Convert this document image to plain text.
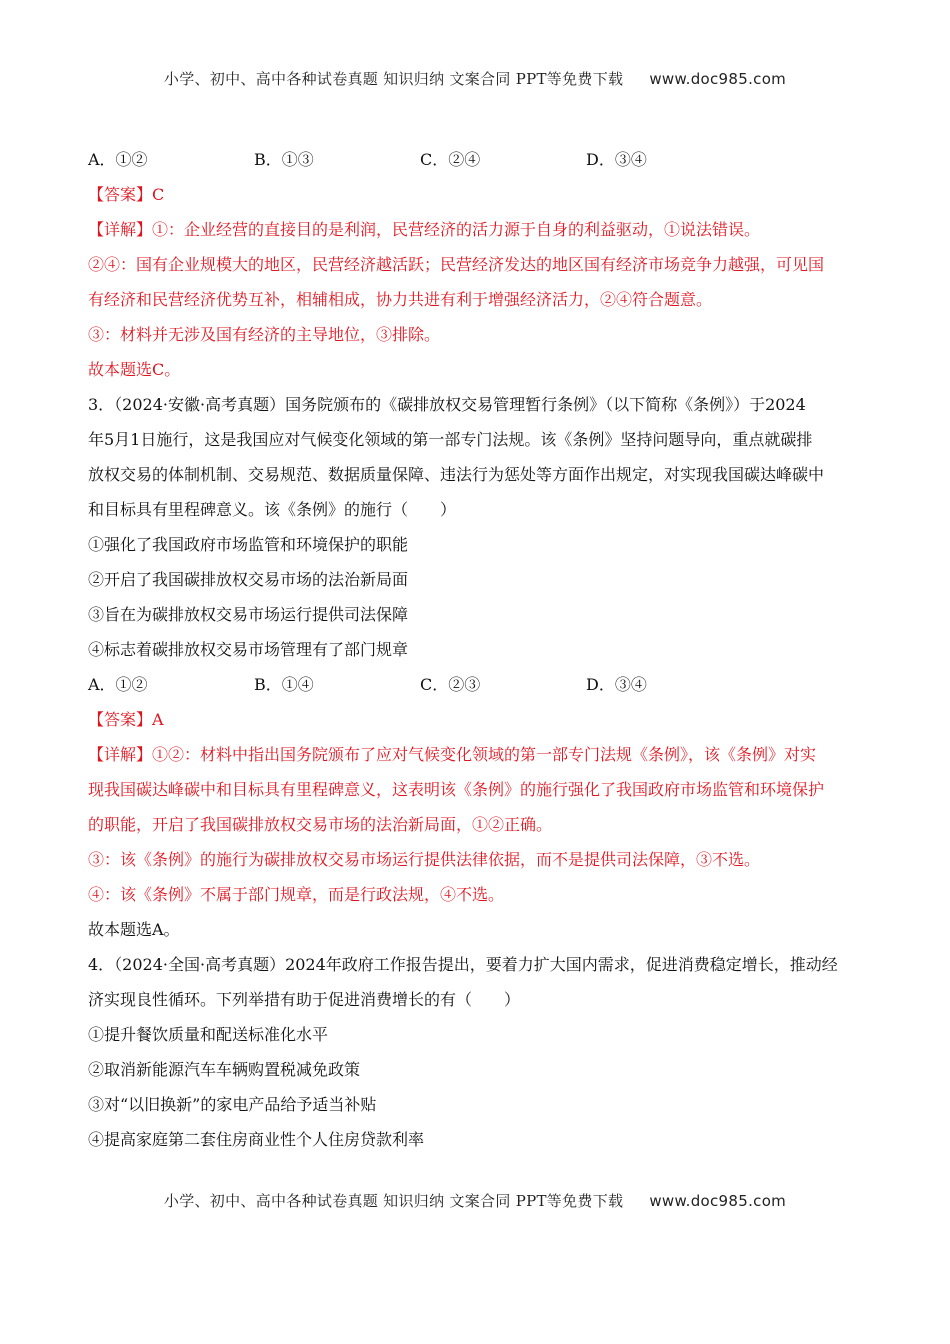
小学、初中、高中各种试卷真题 知识归纳 文案合同 PPT等免费下载 www.doc985.com
A．①②	B．①③	C．②④	D．③④
【答案】C
【详解】①：企业经营的直接目的是利润，民营经济的活力源于自身的利益驱动，①说法错误。
②④：国有企业规模大的地区，民营经济越活跃；民营经济发达的地区国有经济市场竞争力越强，可见国
有经济和民营经济优势互补，相辅相成，协力共进有利于增强经济活力，②④符合题意。
③：材料并无涉及国有经济的主导地位，③排除。
故本题选C。
3．（2024·安徽·高考真题）国务院颁布的《碳排放权交易管理暂行条例》（以下简称《条例》）于2024
年5月1日施行，这是我国应对气候变化领域的第一部专门法规。该《条例》坚持问题导向，重点就碳排
放权交易的体制机制、交易规范、数据质量保障、违法行为惩处等方面作出规定，对实现我国碳达峰碳中
和目标具有里程碑意义。该《条例》的施行（　　）
①强化了我国政府市场监管和环境保护的职能
②开启了我国碳排放权交易市场的法治新局面
③旨在为碳排放权交易市场运行提供司法保障
④标志着碳排放权交易市场管理有了部门规章
A．①②	B．①④	C．②③	D．③④
【答案】A
【详解】①②：材料中指出国务院颁布了应对气候变化领域的第一部专门法规《条例》，该《条例》对实
现我国碳达峰碳中和目标具有里程碑意义，这表明该《条例》的施行强化了我国政府市场监管和环境保护
的职能，开启了我国碳排放权交易市场的法治新局面，①②正确。
③：该《条例》的施行为碳排放权交易市场运行提供法律依据，而不是提供司法保障，③不选。
④：该《条例》不属于部门规章，而是行政法规，④不选。
故本题选A。
4．（2024·全国·高考真题）2024年政府工作报告提出，要着力扩大国内需求，促进消费稳定增长，推动经
济实现良性循环。下列举措有助于促进消费增长的有（　　）
①提升餐饮质量和配送标准化水平
②取消新能源汽车车辆购置税减免政策
③对“以旧换新”的家电产品给予适当补贴
④提高家庭第二套住房商业性个人住房贷款利率
小学、初中、高中各种试卷真题 知识归纳 文案合同 PPT等免费下载 www.doc985.com
